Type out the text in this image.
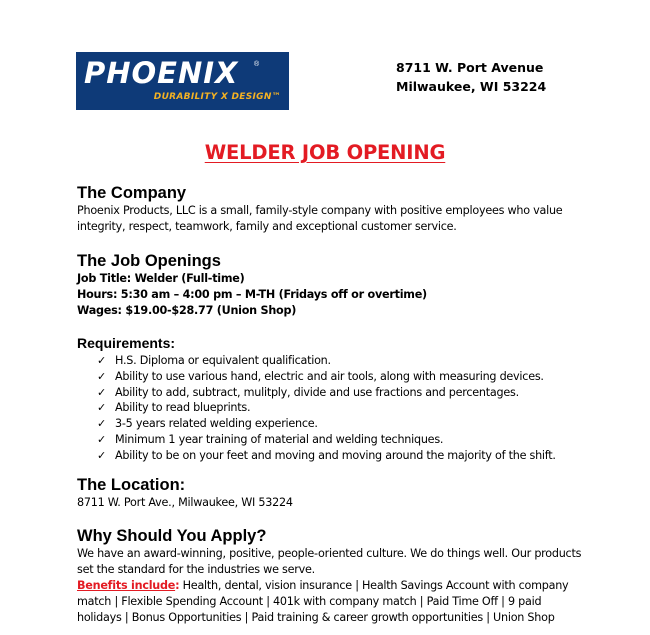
PHOENIX ®
DURABILITY X DESIGN™
8711 W. Port Avenue
Milwaukee, WI 53224
WELDER JOB OPENING
The Company
Phoenix Products, LLC is a small, family-style company with positive employees who value
integrity, respect, teamwork, family and exceptional customer service.
The Job Openings
Job Title: Welder (Full-time)
Hours: 5:30 am – 4:00 pm – M-TH (Fridays off or overtime)
Wages: $19.00-$28.77 (Union Shop)
Requirements:
✓ H.S. Diploma or equivalent qualification.
✓ Ability to use various hand, electric and air tools, along with measuring devices.
✓ Ability to add, subtract, mulitply, divide and use fractions and percentages.
✓ Ability to read blueprints.
✓ 3-5 years related welding experience.
✓ Minimum 1 year training of material and welding techniques.
✓ Ability to be on your feet and moving and moving around the majority of the shift.
The Location:
8711 W. Port Ave., Milwaukee, WI 53224
Why Should You Apply?
We have an award-winning, positive, people-oriented culture. We do things well. Our products
set the standard for the industries we serve.
Benefits include: Health, dental, vision insurance | Health Savings Account with company
match | Flexible Spending Account | 401k with company match | Paid Time Off | 9 paid
holidays | Bonus Opportunities | Paid training & career growth opportunities | Union Shop
